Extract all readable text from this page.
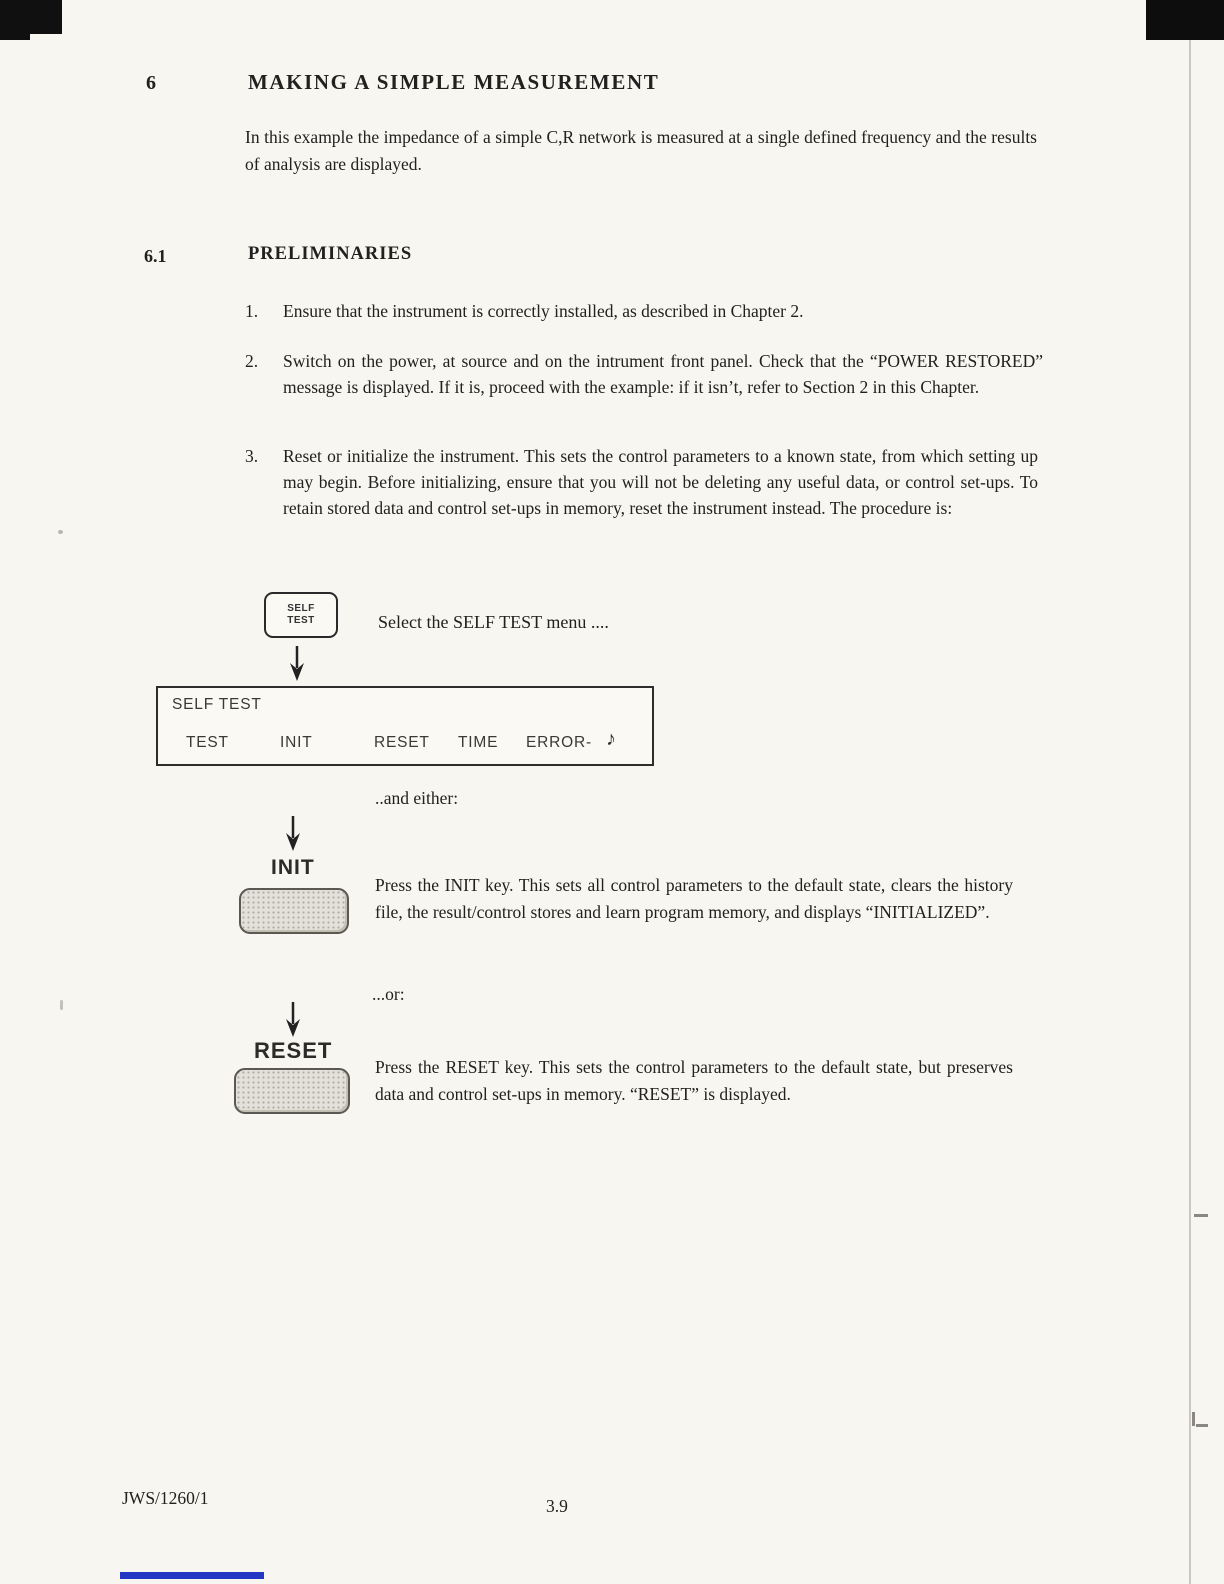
6	MAKING A SIMPLE MEASUREMENT

In this example the impedance of a simple C,R network is measured at a single defined frequency and the results of analysis are displayed.

6.1	PRELIMINARIES
1.	Ensure that the instrument is correctly installed, as described in Chapter 2.
2.	Switch on the power, at source and on the intrument front panel. Check that the “POWER RESTORED” message is displayed. If it is, proceed with the example: if it isn’t, refer to Section 2 in this Chapter.
3.	Reset or initialize the instrument. This sets the control parameters to a known state, from which setting up may begin. Before initializing, ensure that you will not be deleting any useful data, or control set-ups. To retain stored data and control set-ups in memory, reset the instrument instead. The procedure is:
SELF
TEST	Select the SELF TEST menu ....
SELF TEST
TEST	INIT	RESET TIME ERROR- ♪
..and either:
INIT

Press the INIT key. This sets all control parameters to the default state, clears the history file, the result/control stores and learn program memory, and displays “INITIALIZED”.

...or:
RESET

Press the RESET key. This sets the control parameters to the default state, but preserves data and control set-ups in memory. “RESET” is displayed.

JWS/1260/1	3.9
